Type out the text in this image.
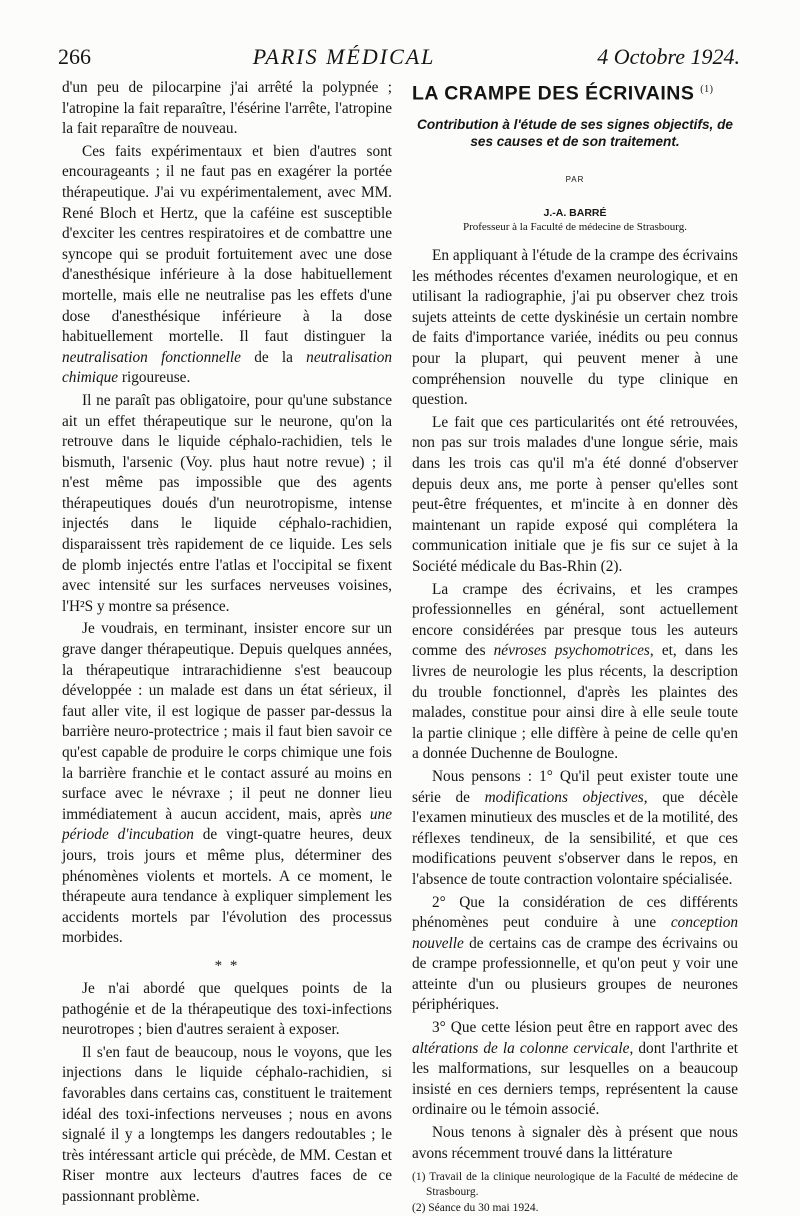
266	PARIS MÉDICAL	4 Octobre 1924.

d'un peu de pilocarpine j'ai arrêté la polypnée ; l'atropine la fait reparaître, l'ésérine l'arrête, l'atropine la fait reparaître de nouveau.

Ces faits expérimentaux et bien d'autres sont encourageants ; il ne faut pas en exagérer la portée thérapeutique. J'ai vu expérimentalement, avec MM. René Bloch et Hertz, que la caféine est susceptible d'exciter les centres respiratoires et de combattre une syncope qui se produit fortuitement avec une dose d'anesthésique inférieure à la dose habituellement mortelle, mais elle ne neutralise pas les effets d'une dose d'anesthésique inférieure à la dose habituellement mortelle. Il faut distinguer la neutralisation fonctionnelle de la neutralisation chimique rigoureuse.

Il ne paraît pas obligatoire, pour qu'une substance ait un effet thérapeutique sur le neurone, qu'on la retrouve dans le liquide céphalo-rachidien, tels le bismuth, l'arsenic (Voy. plus haut notre revue) ; il n'est même pas impossible que des agents thérapeutiques doués d'un neurotropisme, intense injectés dans le liquide céphalo-rachidien, disparaissent très rapidement de ce liquide. Les sels de plomb injectés entre l'atlas et l'occipital se fixent avec intensité sur les surfaces nerveuses voisines, l'H²S y montre sa présence.

Je voudrais, en terminant, insister encore sur un grave danger thérapeutique. Depuis quelques années, la thérapeutique intrarachidienne s'est beaucoup développée : un malade est dans un état sérieux, il faut aller vite, il est logique de passer par-dessus la barrière neuro-protectrice ; mais il faut bien savoir ce qu'est capable de produire le corps chimique une fois la barrière franchie et le contact assuré au moins en surface avec le névraxe ; il peut ne donner lieu immédiatement à aucun accident, mais, après une période d'incubation de vingt-quatre heures, deux jours, trois jours et même plus, déterminer des phénomènes violents et mortels. A ce moment, le thérapeute aura tendance à expliquer simplement les accidents mortels par l'évolution des processus morbides.

* *

Je n'ai abordé que quelques points de la pathogénie et de la thérapeutique des toxi-infections neurotropes ; bien d'autres seraient à exposer.

Il s'en faut de beaucoup, nous le voyons, que les injections dans le liquide céphalo-rachidien, si favorables dans certains cas, constituent le traitement idéal des toxi-infections nerveuses ; nous en avons signalé il y a longtemps les dangers redoutables ; le très intéressant article qui précède, de MM. Cestan et Riser montre aux lecteurs d'autres faces de ce passionnant problème.

LA CRAMPE DES ÉCRIVAINS $^{(1)}$
Contribution à l'étude de ses signes objectifs, de ses causes et de son traitement.
PAR
J.-A. BARRÉ
Professeur à la Faculté de médecine de Strasbourg.

En appliquant à l'étude de la crampe des écrivains les méthodes récentes d'examen neurologique, et en utilisant la radiographie, j'ai pu observer chez trois sujets atteints de cette dyskinésie un certain nombre de faits d'importance variée, inédits ou peu connus pour la plupart, qui peuvent mener à une compréhension nouvelle du type clinique en question.

Le fait que ces particularités ont été retrouvées, non pas sur trois malades d'une longue série, mais dans les trois cas qu'il m'a été donné d'observer depuis deux ans, me porte à penser qu'elles sont peut-être fréquentes, et m'incite à en donner dès maintenant un rapide exposé qui complétera la communication initiale que je fis sur ce sujet à la Société médicale du Bas-Rhin (2).

La crampe des écrivains, et les crampes professionnelles en général, sont actuellement encore considérées par presque tous les auteurs comme des névroses psychomotrices, et, dans les livres de neurologie les plus récents, la description du trouble fonctionnel, d'après les plaintes des malades, constitue pour ainsi dire à elle seule toute la partie clinique ; elle diffère à peine de celle qu'en a donnée Duchenne de Boulogne.

Nous pensons : 1° Qu'il peut exister toute une série de modifications objectives, que décèle l'examen minutieux des muscles et de la motilité, des réflexes tendineux, de la sensibilité, et que ces modifications peuvent s'observer dans le repos, en l'absence de toute contraction volontaire spécialisée.

2° Que la considération de ces différents phénomènes peut conduire à une conception nouvelle de certains cas de crampe des écrivains ou de crampe professionnelle, et qu'on peut y voir une atteinte d'un ou plusieurs groupes de neurones périphériques.

3° Que cette lésion peut être en rapport avec des altérations de la colonne cervicale, dont l'arthrite et les malformations, sur lesquelles on a beaucoup insisté en ces derniers temps, représentent la cause ordinaire ou le témoin associé.

Nous tenons à signaler dès à présent que nous avons récemment trouvé dans la littérature

(1) Travail de la clinique neurologique de la Faculté de médecine de Strasbourg.

(2) Séance du 30 mai 1924.
